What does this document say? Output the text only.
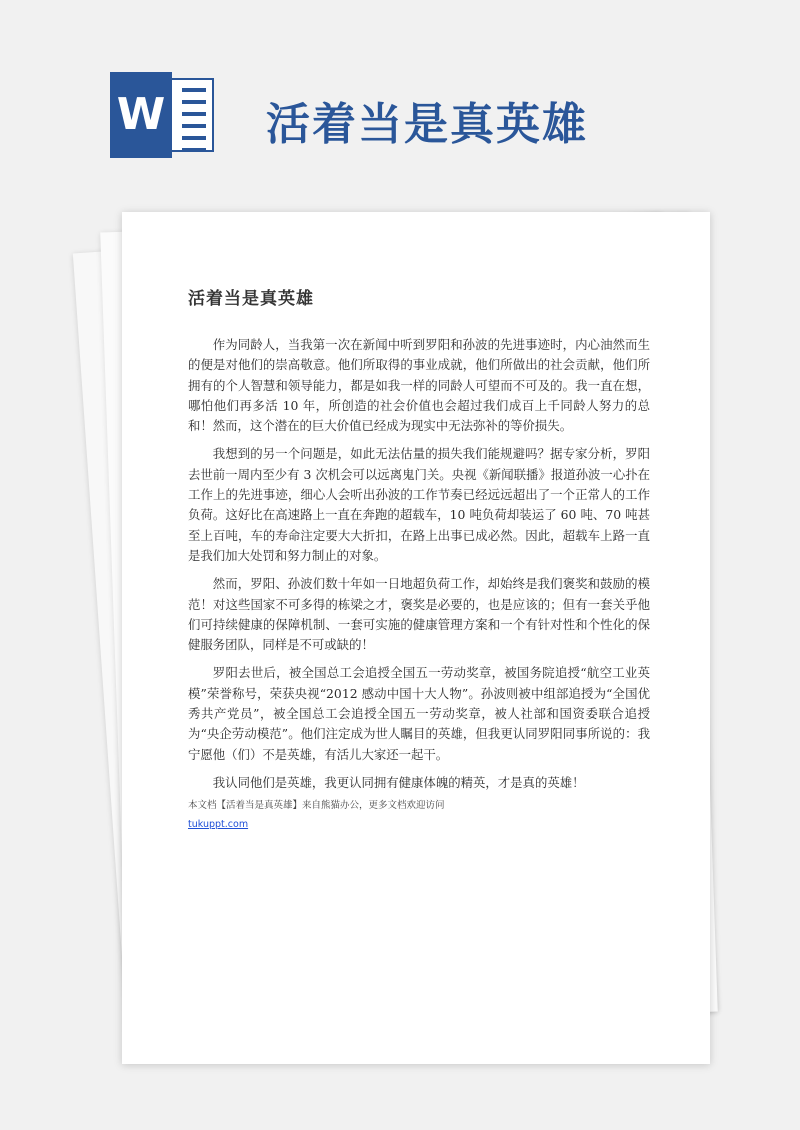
W 活着当是真英雄
活着当是真英雄

作为同龄人，当我第一次在新闻中听到罗阳和孙波的先进事迹时，内心油然而生的便是对他们的崇高敬意。他们所取得的事业成就，他们所做出的社会贡献，他们所拥有的个人智慧和领导能力，都是如我一样的同龄人可望而不可及的。我一直在想，哪怕他们再多活 10 年，所创造的社会价值也会超过我们成百上千同龄人努力的总和！然而，这个潜在的巨大价值已经成为现实中无法弥补的等价损失。

我想到的另一个问题是，如此无法估量的损失我们能规避吗？据专家分析，罗阳去世前一周内至少有 3 次机会可以远离鬼门关。央视《新闻联播》报道孙波一心扑在工作上的先进事迹，细心人会听出孙波的工作节奏已经远远超出了一个正常人的工作负荷。这好比在高速路上一直在奔跑的超载车，10 吨负荷却装运了 60 吨、70 吨甚至上百吨，车的寿命注定要大大折扣，在路上出事已成必然。因此，超载车上路一直是我们加大处罚和努力制止的对象。

然而，罗阳、孙波们数十年如一日地超负荷工作，却始终是我们褒奖和鼓励的模范！对这些国家不可多得的栋梁之才，褒奖是必要的，也是应该的；但有一套关乎他们可持续健康的保障机制、一套可实施的健康管理方案和一个有针对性和个性化的保健服务团队，同样是不可或缺的！

罗阳去世后，被全国总工会追授全国五一劳动奖章，被国务院追授“航空工业英模”荣誉称号，荣获央视“2012 感动中国十大人物”。孙波则被中组部追授为“全国优秀共产党员”，被全国总工会追授全国五一劳动奖章，被人社部和国资委联合追授为“央企劳动模范”。他们注定成为世人瞩目的英雄，但我更认同罗阳同事所说的：我宁愿他（们）不是英雄，有活儿大家还一起干。

我认同他们是英雄，我更认同拥有健康体魄的精英，才是真的英雄！

本文档【活着当是真英雄】来自熊猫办公，更多文档欢迎访问
tukuppt.com
